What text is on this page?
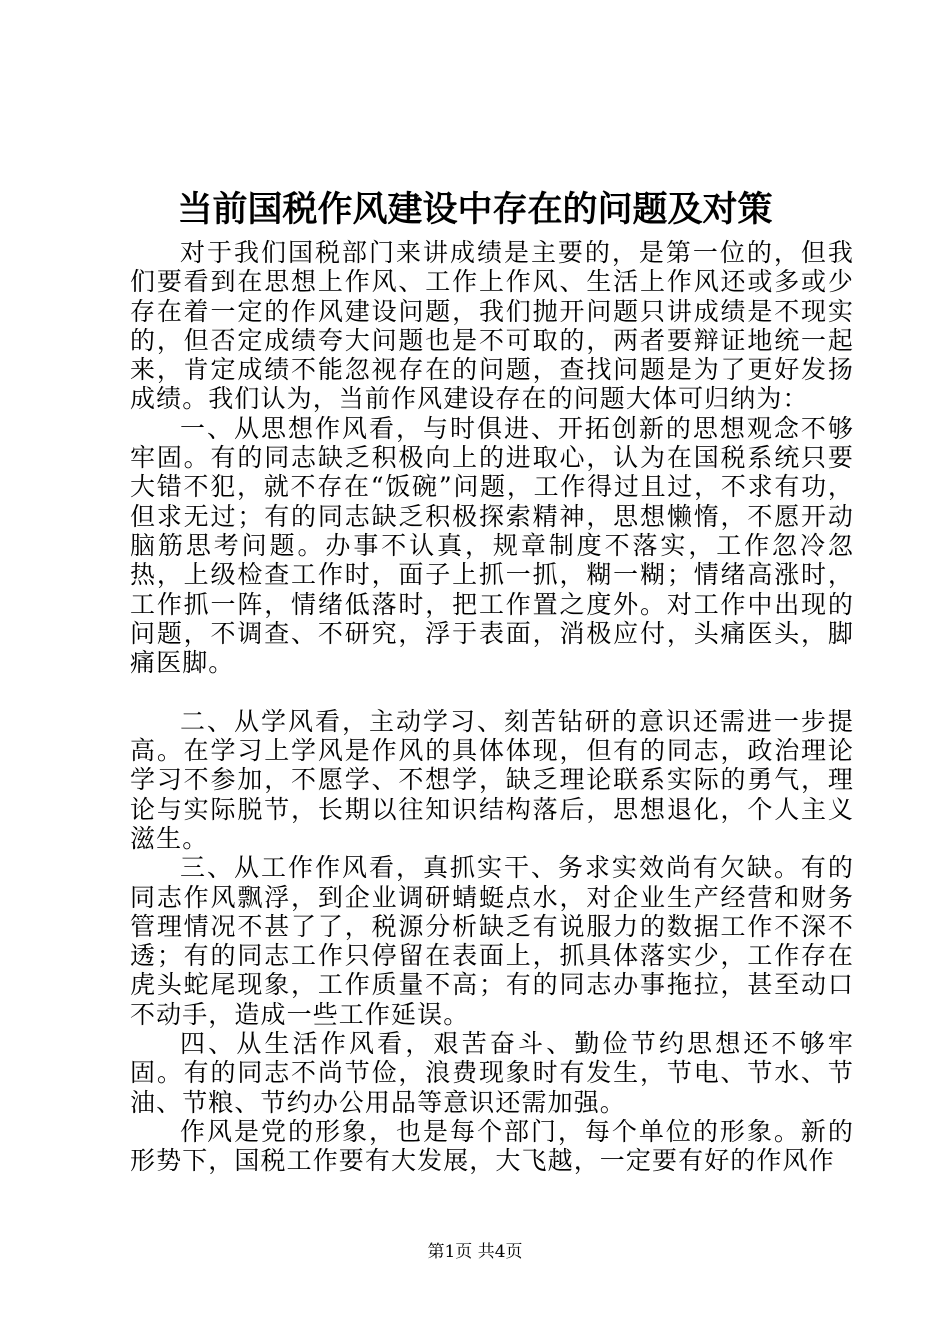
当前国税作风建设中存在的问题及对策

对于我们国税部门来讲成绩是主要的，是第一位的，但我们要看到在思想上作风、工作上作风、生活上作风还或多或少存在着一定的作风建设问题，我们抛开问题只讲成绩是不现实的，但否定成绩夸大问题也是不可取的，两者要辩证地统一起来，肯定成绩不能忽视存在的问题，查找问题是为了更好发扬成绩。我们认为，当前作风建设存在的问题大体可归纳为：

一、从思想作风看，与时俱进、开拓创新的思想观念不够牢固。有的同志缺乏积极向上的进取心，认为在国税系统只要大错不犯，就不存在“饭碗”问题，工作得过且过，不求有功，但求无过；有的同志缺乏积极探索精神，思想懒惰，不愿开动脑筋思考问题。办事不认真，规章制度不落实，工作忽冷忽热，上级检查工作时，面子上抓一抓，糊一糊；情绪高涨时，工作抓一阵，情绪低落时，把工作置之度外。对工作中出现的问题，不调查、不研究，浮于表面，消极应付，头痛医头，脚痛医脚。

二、从学风看，主动学习、刻苦钻研的意识还需进一步提高。在学习上学风是作风的具体体现，但有的同志，政治理论学习不参加，不愿学、不想学，缺乏理论联系实际的勇气，理论与实际脱节，长期以往知识结构落后，思想退化，个人主义滋生。

三、从工作作风看，真抓实干、务求实效尚有欠缺。有的同志作风飘浮，到企业调研蜻蜓点水，对企业生产经营和财务管理情况不甚了了，税源分析缺乏有说服力的数据工作不深不透；有的同志工作只停留在表面上，抓具体落实少，工作存在虎头蛇尾现象，工作质量不高；有的同志办事拖拉，甚至动口不动手，造成一些工作延误。

四、从生活作风看，艰苦奋斗、勤俭节约思想还不够牢固。有的同志不尚节俭，浪费现象时有发生，节电、节水、节油、节粮、节约办公用品等意识还需加强。

作风是党的形象，也是每个部门，每个单位的形象。新的形势下，国税工作要有大发展，大飞越，一定要有好的作风作

第1页 共4页
